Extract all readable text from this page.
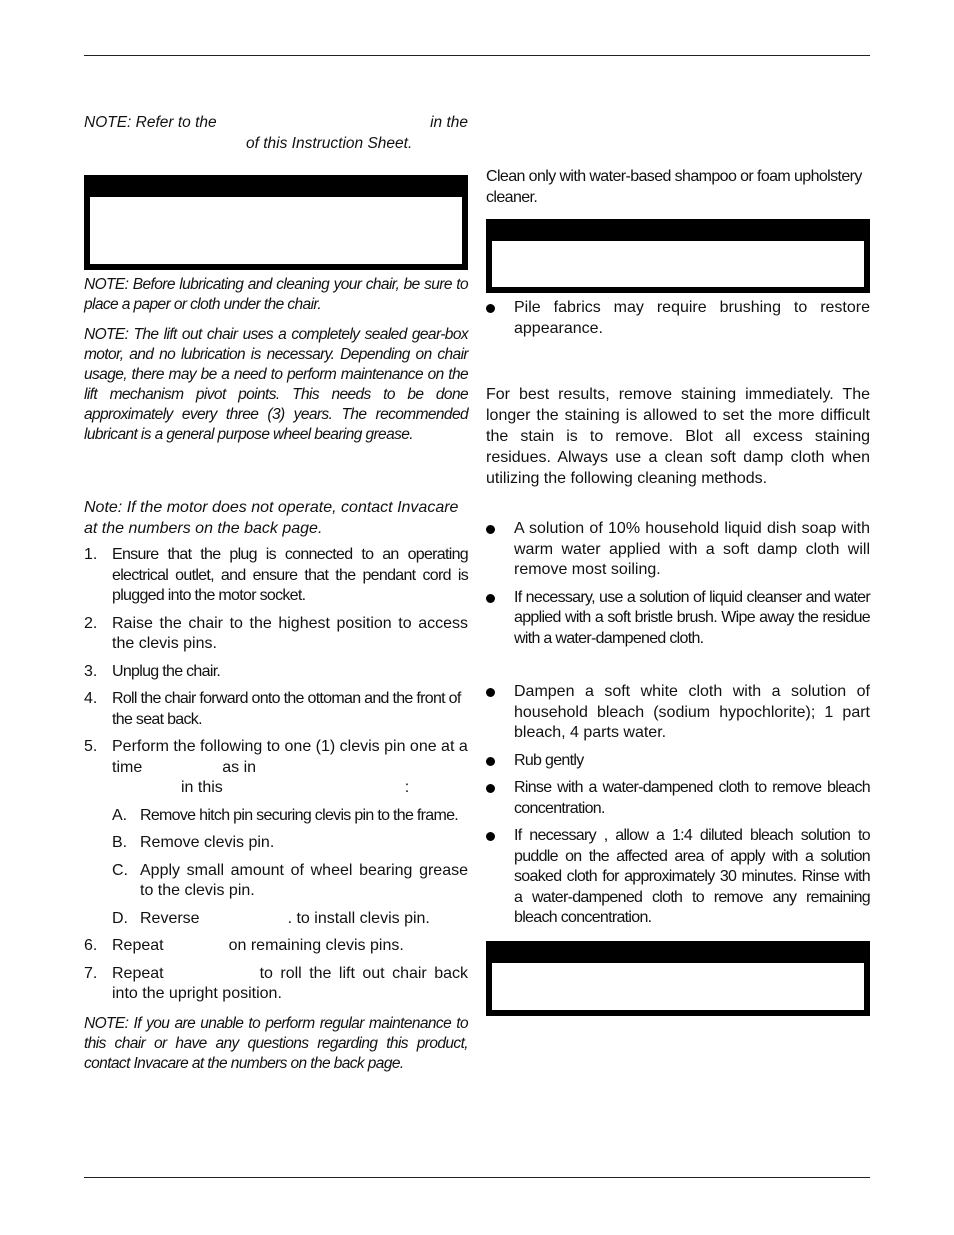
NOTE: Refer to the	in the
of this Instruction Sheet.
NOTE: Before lubricating and cleaning your chair, be sure to place a paper or cloth under the chair.
NOTE: The lift out chair uses a completely sealed gear-box motor, and no lubrication is necessary. Depending on chair usage, there may be a need to perform maintenance on the lift mechanism pivot points. This needs to be done approximately every three (3) years. The recommended lubricant is a general purpose wheel bearing grease.
Note: If the motor does not operate, contact Invacare at the numbers on the back page.
1. Ensure that the plug is connected to an operating electrical outlet, and ensure that the pendant cord is plugged into the motor socket.
2. Raise the chair to the highest position to access the clevis pins.
3. Unplug the chair.
4. Roll the chair forward onto the ottoman and the front of the seat back.
5. Perform the following to one (1) clevis pin one at a
time	as in
in this	:
A. Remove hitch pin securing clevis pin to the frame.
B. Remove clevis pin.
C. Apply small amount of wheel bearing grease to the clevis pin.
D. Reverse	. to install clevis pin.
6. Repeat	on remaining clevis pins.
7. Repeat	to roll the lift out chair back into the upright position.
NOTE: If you are unable to perform regular maintenance to this chair or have any questions regarding this product, contact Invacare at the numbers on the back page.
Clean only with water-based shampoo or foam upholstery cleaner.
Pile fabrics may require brushing to restore appearance.
For best results, remove staining immediately. The longer the staining is allowed to set the more difficult the stain is to remove. Blot all excess staining residues. Always use a clean soft damp cloth when utilizing the following cleaning methods.
A solution of 10% household liquid dish soap with warm water applied with a soft damp cloth will remove most soiling.
If necessary, use a solution of liquid cleanser and water applied with a soft bristle brush. Wipe away the residue with a water-dampened cloth.
Dampen a soft white cloth with a solution of household bleach (sodium hypochlorite); 1 part bleach, 4 parts water.
Rub gently
Rinse with a water-dampened cloth to remove bleach concentration.
If necessary , allow a 1:4 diluted bleach solution to puddle on the affected area of apply with a solution soaked cloth for approximately 30 minutes. Rinse with a water-dampened cloth to remove any remaining bleach concentration.
